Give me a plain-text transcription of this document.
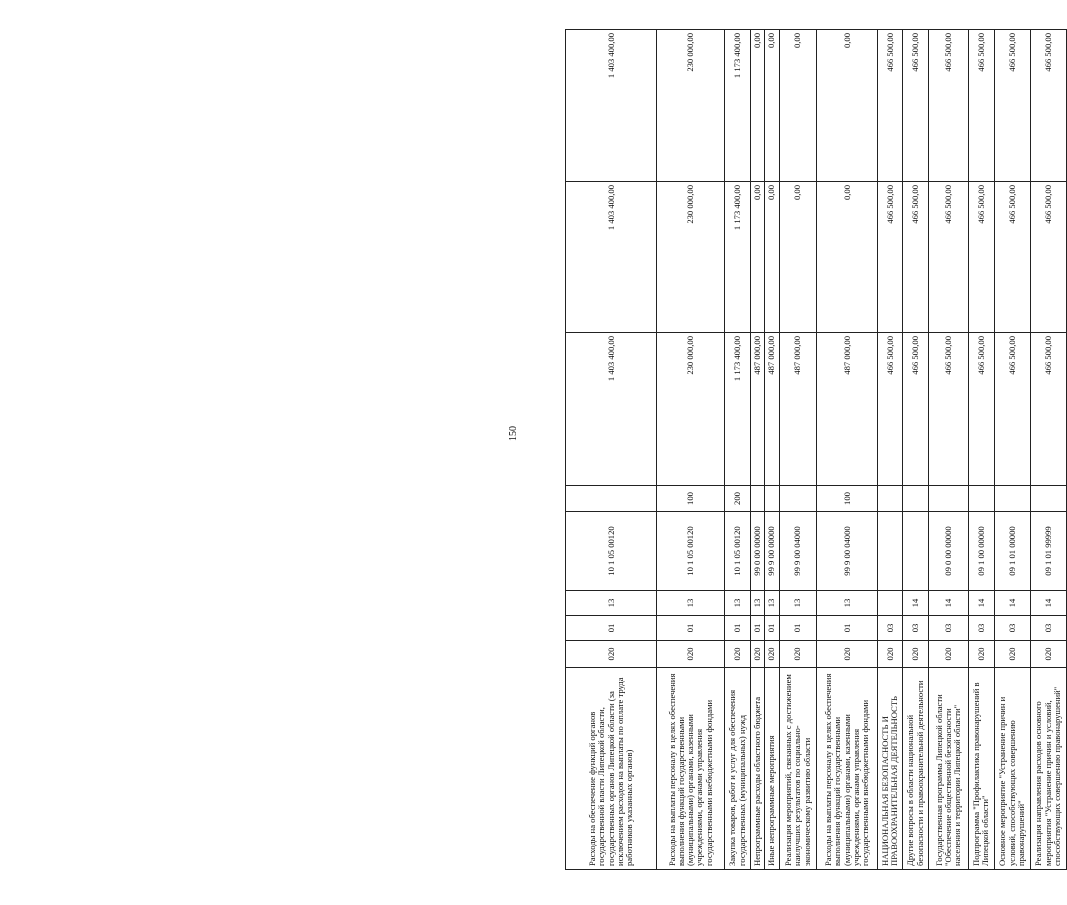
150
Расходы на обеспечение функций органов государственной власти Липецкой области, государственных органов Липецкой области (за исключением расходов на выплаты по оплате труда работников указанных органов)	020	01	13	10 1 05 00120		1 403 400,00	1 403 400,00	1 403 400,00
Расходы на выплаты персоналу в целях обеспечения выполнения функций государственными (муниципальными) органами, казенными учреждениями, органами управления государственными внебюджетными фондами	020	01	13	10 1 05 00120	100	230 000,00	230 000,00	230 000,00
Закупка товаров, работ и услуг для обеспечения государственных (муниципальных) нужд	020	01	13	10 1 05 00120	200	1 173 400,00	1 173 400,00	1 173 400,00
Непрограммные расходы областного бюджета	020	01	13	99 0 00 00000		487 000,00	0,00	0,00
Иные непрограммные мероприятия	020	01	13	99 9 00 00000		487 000,00	0,00	0,00
Реализация мероприятий, связанных с достижением наилучших результатов по социально-экономическому развитию области	020	01	13	99 9 00 04000		487 000,00	0,00	0,00
Расходы на выплаты персоналу в целях обеспечения выполнения функций государственными (муниципальными) органами, казенными учреждениями, органами управления государственными внебюджетными фондами	020	01	13	99 9 00 04000	100	487 000,00	0,00	0,00
НАЦИОНАЛЬНАЯ БЕЗОПАСНОСТЬ И ПРАВООХРАНИТЕЛЬНАЯ ДЕЯТЕЛЬНОСТЬ	020	03				466 500,00	466 500,00	466 500,00
Другие вопросы в области национальной безопасности и правоохранительной деятельности	020	03	14			466 500,00	466 500,00	466 500,00
Государственная программа Липецкой области "Обеспечение общественной безопасности населения и территории Липецкой области"	020	03	14	09 0 00 00000		466 500,00	466 500,00	466 500,00
Подпрограмма "Профилактика правонарушений в Липецкой области"	020	03	14	09 1 00 00000		466 500,00	466 500,00	466 500,00
Основное мероприятие "Устранение причин и условий, способствующих совершению правонарушений"	020	03	14	09 1 01 00000		466 500,00	466 500,00	466 500,00
Реализация направления расходов основного мероприятия "Устранение причин и условий, способствующих совершению правонарушений"	020	03	14	09 1 01 99999		466 500,00	466 500,00	466 500,00
